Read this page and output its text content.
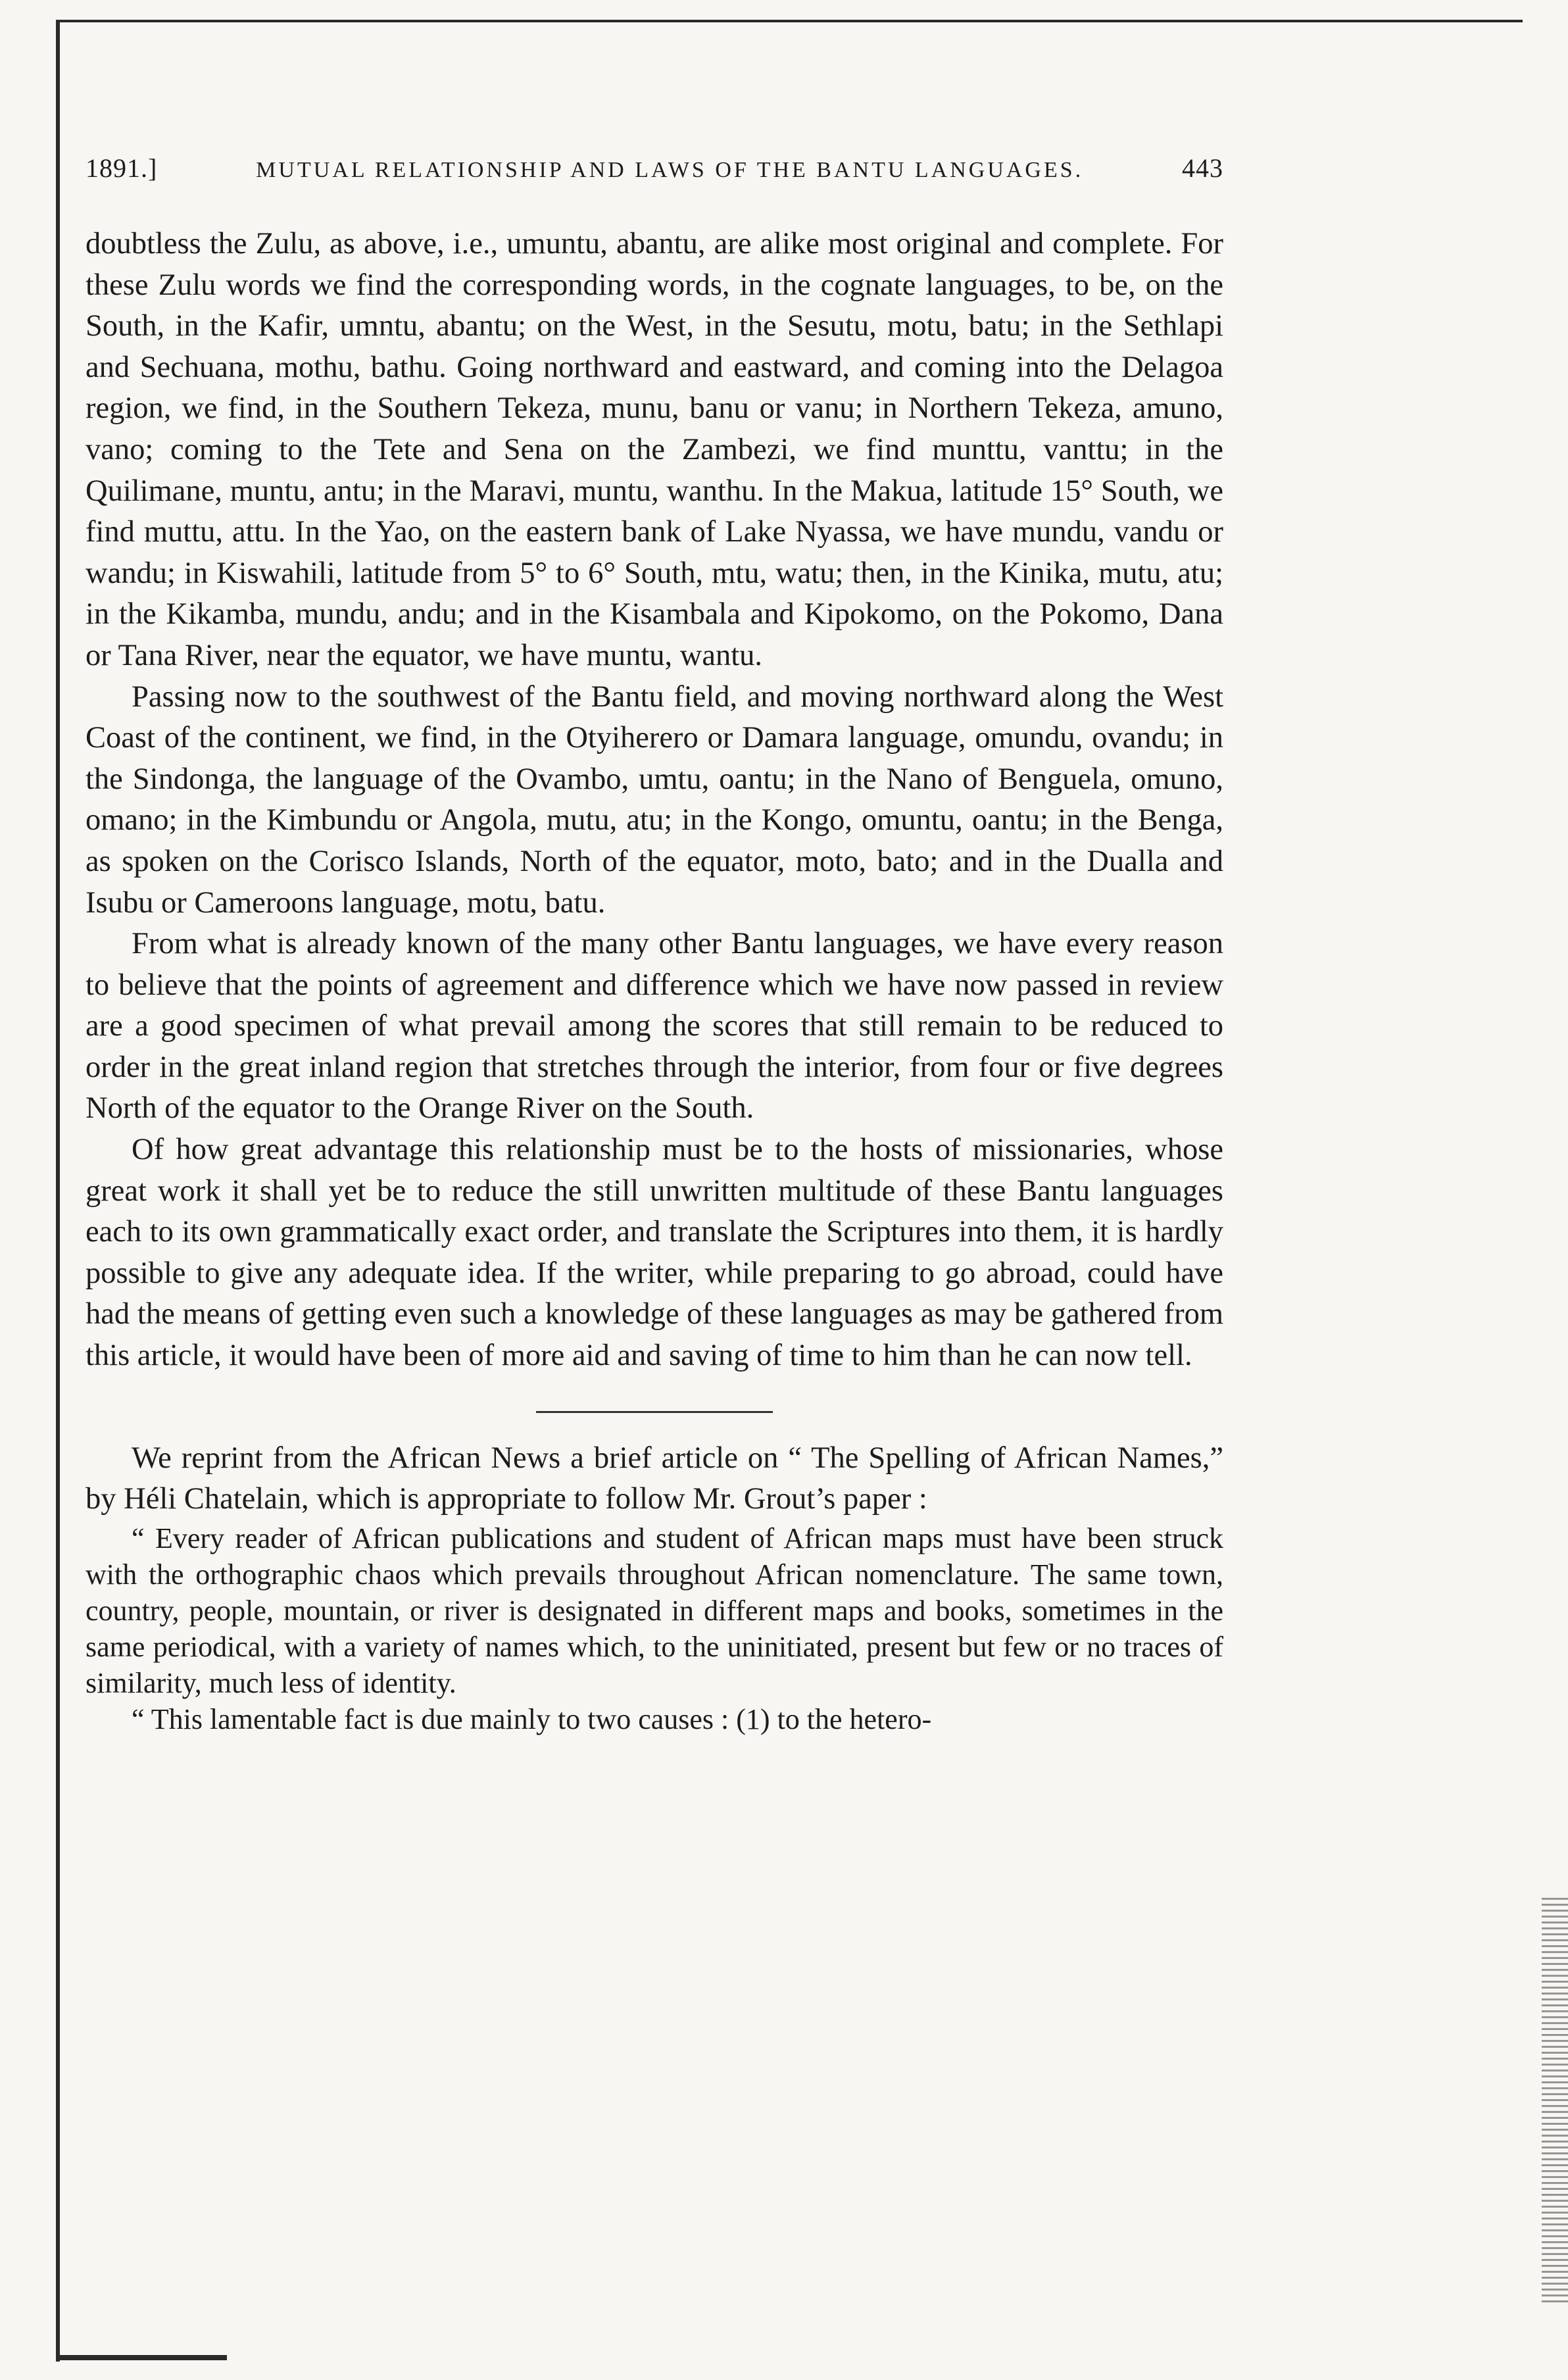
1891.]	MUTUAL RELATIONSHIP AND LAWS OF THE BANTU LANGUAGES.	443

doubtless the Zulu, as above, i.e., umuntu, abantu, are alike most original and complete. For these Zulu words we find the corresponding words, in the cognate languages, to be, on the South, in the Kafir, umntu, abantu; on the West, in the Sesutu, motu, batu; in the Sethlapi and Sechuana, mothu, bathu. Going northward and eastward, and coming into the Delagoa region, we find, in the Southern Tekeza, munu, banu or vanu; in Northern Tekeza, amuno, vano; coming to the Tete and Sena on the Zambezi, we find munttu, vanttu; in the Quilimane, muntu, antu; in the Maravi, muntu, wanthu. In the Makua, latitude 15° South, we find muttu, attu. In the Yao, on the eastern bank of Lake Nyassa, we have mundu, vandu or wandu; in Kiswahili, latitude from 5° to 6° South, mtu, watu; then, in the Kinika, mutu, atu; in the Kikamba, mundu, andu; and in the Kisambala and Kipokomo, on the Pokomo, Dana or Tana River, near the equator, we have muntu, wantu.

Passing now to the southwest of the Bantu field, and moving northward along the West Coast of the continent, we find, in the Otyiherero or Damara language, omundu, ovandu; in the Sindonga, the language of the Ovambo, umtu, oantu; in the Nano of Benguela, omuno, omano; in the Kimbundu or Angola, mutu, atu; in the Kongo, omuntu, oantu; in the Benga, as spoken on the Corisco Islands, North of the equator, moto, bato; and in the Dualla and Isubu or Cameroons language, motu, batu.

From what is already known of the many other Bantu languages, we have every reason to believe that the points of agreement and difference which we have now passed in review are a good specimen of what prevail among the scores that still remain to be reduced to order in the great inland region that stretches through the interior, from four or five degrees North of the equator to the Orange River on the South.

Of how great advantage this relationship must be to the hosts of missionaries, whose great work it shall yet be to reduce the still unwritten multitude of these Bantu languages each to its own grammatically exact order, and translate the Scriptures into them, it is hardly possible to give any adequate idea. If the writer, while preparing to go abroad, could have had the means of getting even such a knowledge of these languages as may be gathered from this article, it would have been of more aid and saving of time to him than he can now tell.

We reprint from the African News a brief article on “ The Spelling of African Names,” by Héli Chatelain, which is appropriate to follow Mr. Grout’s paper :

“ Every reader of African publications and student of African maps must have been struck with the orthographic chaos which prevails throughout African nomenclature. The same town, country, people, mountain, or river is designated in different maps and books, sometimes in the same periodical, with a variety of names which, to the uninitiated, present but few or no traces of similarity, much less of identity.

“ This lamentable fact is due mainly to two causes : (1) to the hetero-
